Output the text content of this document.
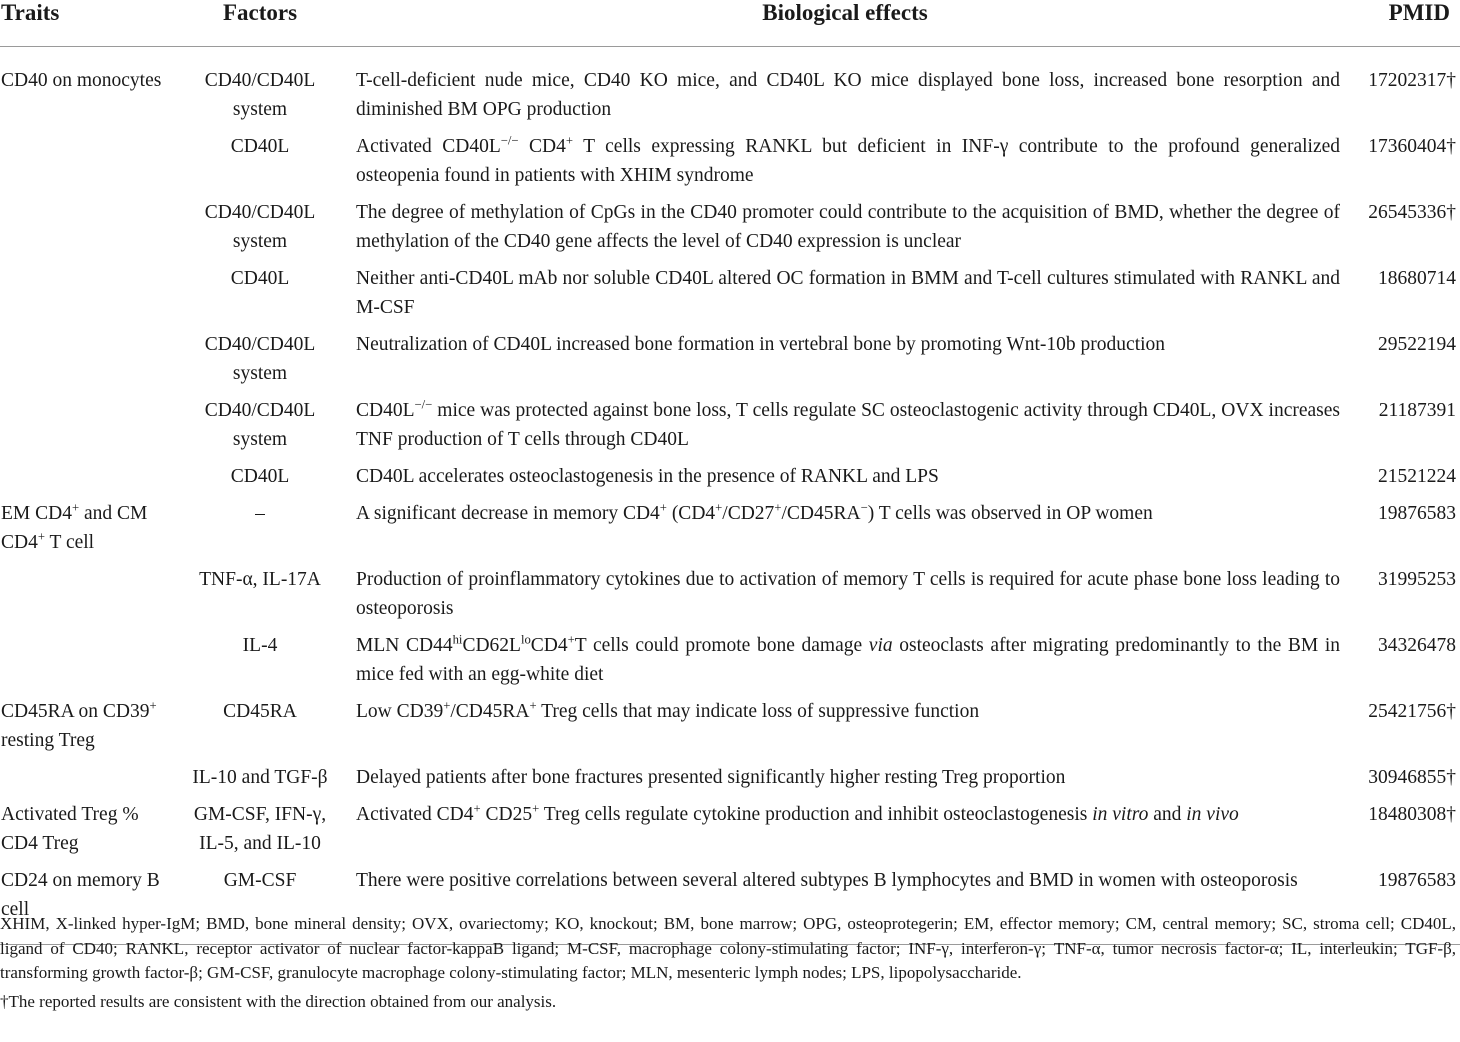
Traits	Factors	Biological effects	PMID
CD40 on monocytes	CD40/CD40L system	T-cell-deficient nude mice, CD40 KO mice, and CD40L KO mice displayed bone loss, increased bone resorption and diminished BM OPG production	17202317†
	CD40L	Activated CD40L−/− CD4+ T cells expressing RANKL but deficient in INF-γ contribute to the profound generalized osteopenia found in patients with XHIM syndrome	17360404†
	CD40/CD40L system	The degree of methylation of CpGs in the CD40 promoter could contribute to the acquisition of BMD, whether the degree of methylation of the CD40 gene affects the level of CD40 expression is unclear	26545336†
	CD40L	Neither anti-CD40L mAb nor soluble CD40L altered OC formation in BMM and T-cell cultures stimulated with RANKL and M-CSF	18680714
	CD40/CD40L system	Neutralization of CD40L increased bone formation in vertebral bone by promoting Wnt-10b production	29522194
	CD40/CD40L system	CD40L−/− mice was protected against bone loss, T cells regulate SC osteoclastogenic activity through CD40L, OVX increases TNF production of T cells through CD40L	21187391
	CD40L	CD40L accelerates osteoclastogenesis in the presence of RANKL and LPS	21521224
EM CD4+ and CM CD4+ T cell	–	A significant decrease in memory CD4+ (CD4+/CD27+/CD45RA−) T cells was observed in OP women	19876583
	TNF-α, IL-17A	Production of proinflammatory cytokines due to activation of memory T cells is required for acute phase bone loss leading to osteoporosis	31995253
	IL-4	MLN $CD44^{hi}CD62L^{lo}CD4^+T$ cells could promote bone damage via osteoclasts after migrating predominantly to the BM in mice fed with an egg-white diet	34326478
CD45RA on CD39+ resting Treg	CD45RA	Low CD39+/CD45RA+ Treg cells that may indicate loss of suppressive function	25421756†
	IL-10 and TGF-β	Delayed patients after bone fractures presented significantly higher resting Treg proportion	30946855†
Activated Treg % CD4 Treg	GM-CSF, IFN-γ, IL-5, and IL-10	Activated CD4+ CD25+ Treg cells regulate cytokine production and inhibit osteoclastogenesis in vitro and in vivo	18480308†
CD24 on memory B cell	GM-CSF	There were positive correlations between several altered subtypes B lymphocytes and BMD in women with osteoporosis	19876583

XHIM, X-linked hyper-IgM; BMD, bone mineral density; OVX, ovariectomy; KO, knockout; BM, bone marrow; OPG, osteoprotegerin; EM, effector memory; CM, central memory; SC, stroma cell; CD40L, ligand of CD40; RANKL, receptor activator of nuclear factor-kappaB ligand; M-CSF, macrophage colony-stimulating factor; INF-γ, interferon-γ; TNF-α, tumor necrosis factor-α; IL, interleukin; TGF-β, transforming growth factor-β; GM-CSF, granulocyte macrophage colony-stimulating factor; MLN, mesenteric lymph nodes; LPS, lipopolysaccharide.

†The reported results are consistent with the direction obtained from our analysis.
